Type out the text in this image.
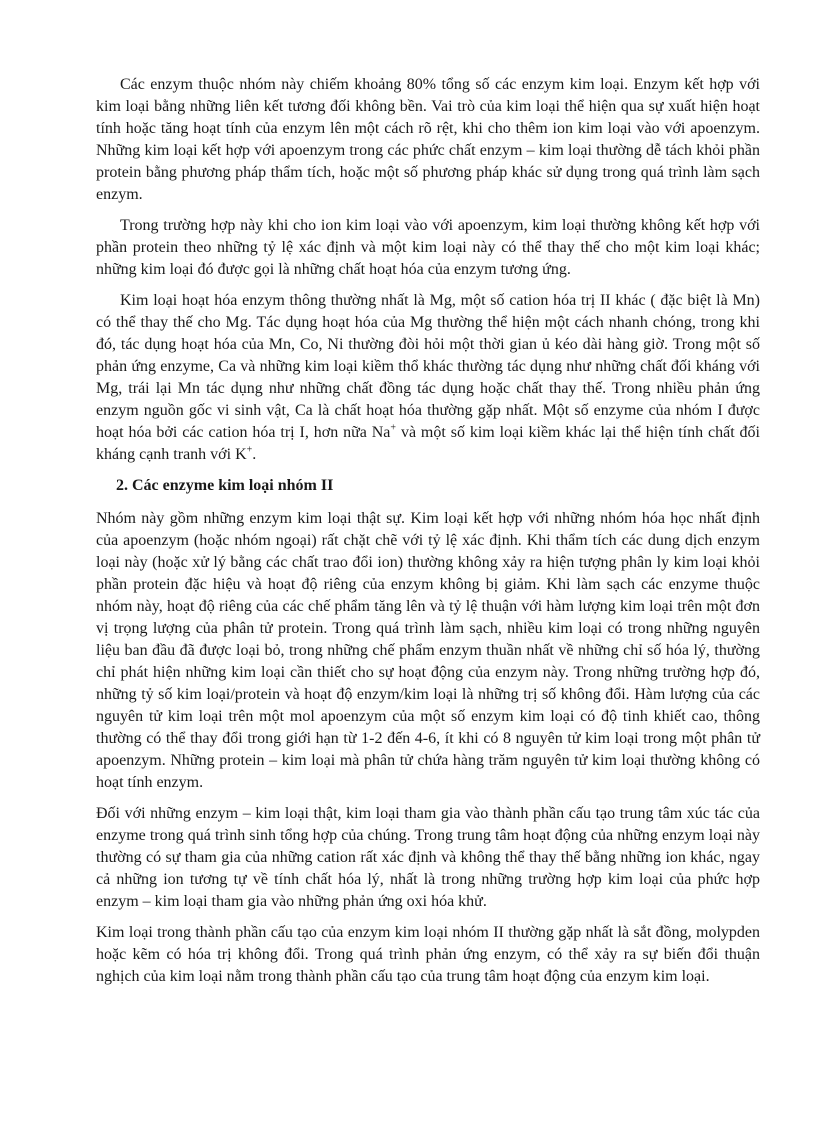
Các enzym thuộc nhóm này chiếm khoảng 80% tổng số các enzym kim loại. Enzym kết hợp với kim loại bằng những liên kết tương đối không bền. Vai trò của kim loại thể hiện qua sự xuất hiện hoạt tính hoặc tăng hoạt tính của enzym lên một cách rõ rệt, khi cho thêm ion kim loại vào với apoenzym. Những kim loại kết hợp với apoenzym trong các phức chất enzym – kim loại thường dễ tách khỏi phần protein bằng phương pháp thẩm tích, hoặc một số phương pháp khác sử dụng trong quá trình làm sạch enzym.

Trong trường hợp này khi cho ion kim loại vào với apoenzym, kim loại thường không kết hợp với phần protein theo những tỷ lệ xác định và một kim loại này có thể thay thế cho một kim loại khác; những kim loại đó được gọi là những chất hoạt hóa của enzym tương ứng.

Kim loại hoạt hóa enzym thông thường nhất là Mg, một số cation hóa trị II khác ( đặc biệt là Mn) có thể thay thế cho Mg. Tác dụng hoạt hóa của Mg thường thể hiện một cách nhanh chóng, trong khi đó, tác dụng hoạt hóa của Mn, Co, Ni thường đòi hỏi một thời gian ủ kéo dài hàng giờ. Trong một số phản ứng enzyme, Ca và những kim loại kiềm thổ khác thường tác dụng như những chất đối kháng với Mg, trái lại Mn tác dụng như những chất đồng tác dụng hoặc chất thay thế. Trong nhiều phản ứng enzym nguồn gốc vi sinh vật, Ca là chất hoạt hóa thường gặp nhất. Một số enzyme của nhóm I được hoạt hóa bởi các cation hóa trị I, hơn nữa Na+ và một số kim loại kiềm khác lại thể hiện tính chất đối kháng cạnh tranh với K+.

2. Các enzyme kim loại nhóm II

Nhóm này gồm những enzym kim loại thật sự. Kim loại kết hợp với những nhóm hóa học nhất định của apoenzym (hoặc nhóm ngoại) rất chặt chẽ với tỷ lệ xác định. Khi thẩm tích các dung dịch enzym loại này (hoặc xử lý bằng các chất trao đổi ion) thường không xảy ra hiện tượng phân ly kim loại khỏi phần protein đặc hiệu và hoạt độ riêng của enzym không bị giảm. Khi làm sạch các enzyme thuộc nhóm này, hoạt độ riêng của các chế phẩm tăng lên và tỷ lệ thuận với hàm lượng kim loại trên một đơn vị trọng lượng của phân tử protein. Trong quá trình làm sạch, nhiều kim loại có trong những nguyên liệu ban đầu đã được loại bỏ, trong những chế phẩm enzym thuần nhất về những chỉ số hóa lý, thường chỉ phát hiện những kim loại cần thiết cho sự hoạt động của enzym này. Trong những trường hợp đó, những tỷ số kim loại/protein và hoạt độ enzym/kim loại là những trị số không đổi. Hàm lượng của các nguyên tử kim loại trên một mol apoenzym của một số enzym kim loại có độ tinh khiết cao, thông thường có thể thay đổi trong giới hạn từ 1-2 đến 4-6, ít khi có 8 nguyên tử kim loại trong một phân tử apoenzym. Những protein – kim loại mà phân tử chứa hàng trăm nguyên tử kim loại thường không có hoạt tính enzym.

Đối với những enzym – kim loại thật, kim loại tham gia vào thành phần cấu tạo trung tâm xúc tác của enzyme trong quá trình sinh tổng hợp của chúng. Trong trung tâm hoạt động của những enzym loại này thường có sự tham gia của những cation rất xác định và không thể thay thế bằng những ion khác, ngay cả những ion tương tự về tính chất hóa lý, nhất là trong những trường hợp kim loại của phức hợp enzym – kim loại tham gia vào những phản ứng oxi hóa khử.

Kim loại trong thành phần cấu tạo của enzym kim loại nhóm II thường gặp nhất là sắt đồng, molypden hoặc kẽm có hóa trị không đổi. Trong quá trình phản ứng enzym, có thể xảy ra sự biến đổi thuận nghịch của kim loại nằm trong thành phần cấu tạo của trung tâm hoạt động của enzym kim loại.
